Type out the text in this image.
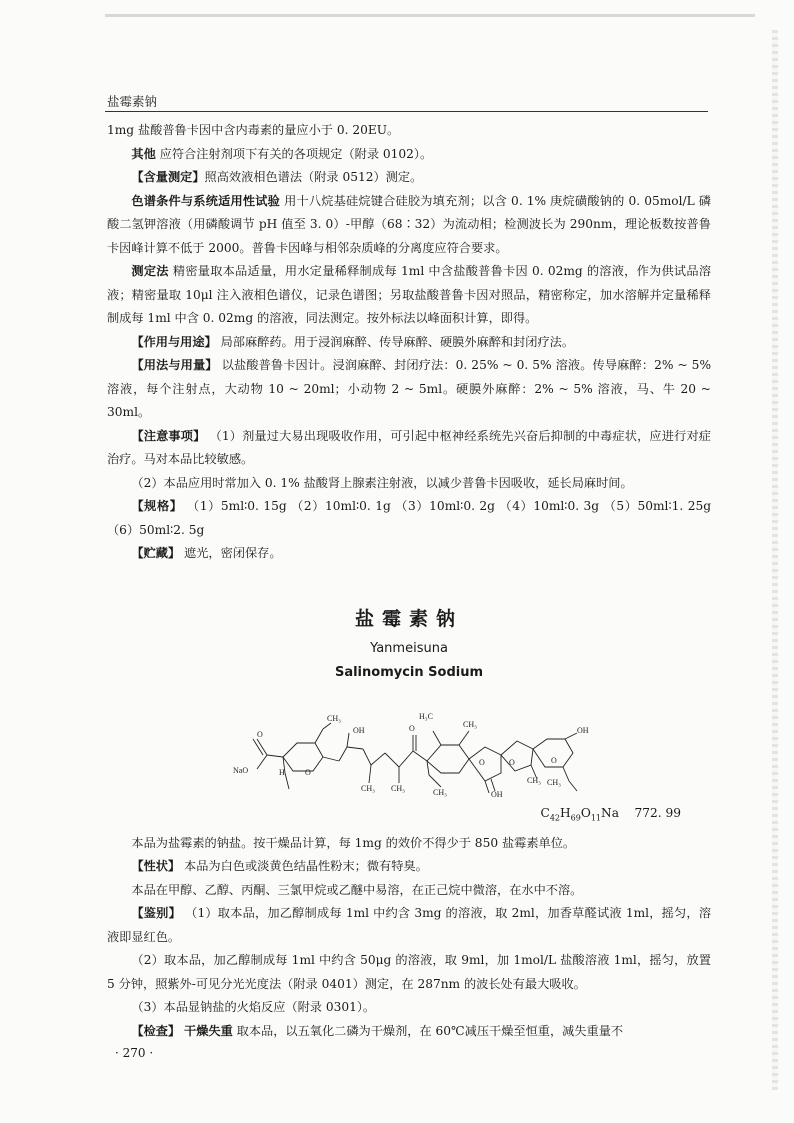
盐霉素钠

1mg 盐酸普鲁卡因中含内毒素的量应小于 0. 20EU。

其他 应符合注射剂项下有关的各项规定（附录 0102）。

【含量测定】照高效液相色谱法（附录 0512）测定。

色谱条件与系统适用性试验 用十八烷基硅烷键合硅胶为填充剂；以含 0. 1% 庚烷磺酸钠的 0. 05mol/L 磷酸二氢钾溶液（用磷酸调节 pH 值至 3. 0）-甲醇（68∶32）为流动相；检测波长为 290nm，理论板数按普鲁卡因峰计算不低于 2000。普鲁卡因峰与相邻杂质峰的分离度应符合要求。

测定法 精密量取本品适量，用水定量稀释制成每 1ml 中含盐酸普鲁卡因 0. 02mg 的溶液，作为供试品溶液；精密量取 10μl 注入液相色谱仪，记录色谱图；另取盐酸普鲁卡因对照品，精密称定，加水溶解并定量稀释制成每 1ml 中含 0. 02mg 的溶液，同法测定。按外标法以峰面积计算，即得。

【作用与用途】 局部麻醉药。用于浸润麻醉、传导麻醉、硬膜外麻醉和封闭疗法。

【用法与用量】 以盐酸普鲁卡因计。浸润麻醉、封闭疗法：0. 25% ~ 0. 5% 溶液。传导麻醉：2% ~ 5% 溶液，每个注射点，大动物 10 ~ 20ml；小动物 2 ~ 5ml。硬膜外麻醉：2% ~ 5% 溶液，马、牛 20 ~ 30ml。

【注意事项】 （1）剂量过大易出现吸收作用，可引起中枢神经系统先兴奋后抑制的中毒症状，应进行对症治疗。马对本品比较敏感。

（2）本品应用时常加入 0. 1% 盐酸肾上腺素注射液，以减少普鲁卡因吸收，延长局麻时间。

【规格】 （1）5ml∶0. 15g （2）10ml∶0. 1g （3）10ml∶0. 2g （4）10ml∶0. 3g （5）50ml∶1. 25g （6）50ml∶2. 5g

【贮藏】 遮光，密闭保存。

盐霉素钠
Yanmeisuna
Salinomycin Sodium
NaO
O
H
CH₃
O
OH
CH₃ CH₃
O
H₃C
CH₃
O
CH₃	OH
O
CH₃
O
OH
CH₃
$C_{42}H_{69}O_{11}Na$ 772. 99

本品为盐霉素的钠盐。按干燥品计算，每 1mg 的效价不得少于 850 盐霉素单位。

【性状】 本品为白色或淡黄色结晶性粉末；微有特臭。

本品在甲醇、乙醇、丙酮、三氯甲烷或乙醚中易溶，在正己烷中微溶，在水中不溶。

【鉴别】 （1）取本品，加乙醇制成每 1ml 中约含 3mg 的溶液，取 2ml，加香草醛试液 1ml，摇匀，溶液即显红色。

（2）取本品，加乙醇制成每 1ml 中约含 50μg 的溶液，取 9ml，加 1mol/L 盐酸溶液 1ml，摇匀，放置 5 分钟，照紫外-可见分光光度法（附录 0401）测定，在 287nm 的波长处有最大吸收。

（3）本品显钠盐的火焰反应（附录 0301）。

【检查】 干燥失重 取本品，以五氧化二磷为干燥剂，在 60℃减压干燥至恒重，减失重量不

· 270 ·
